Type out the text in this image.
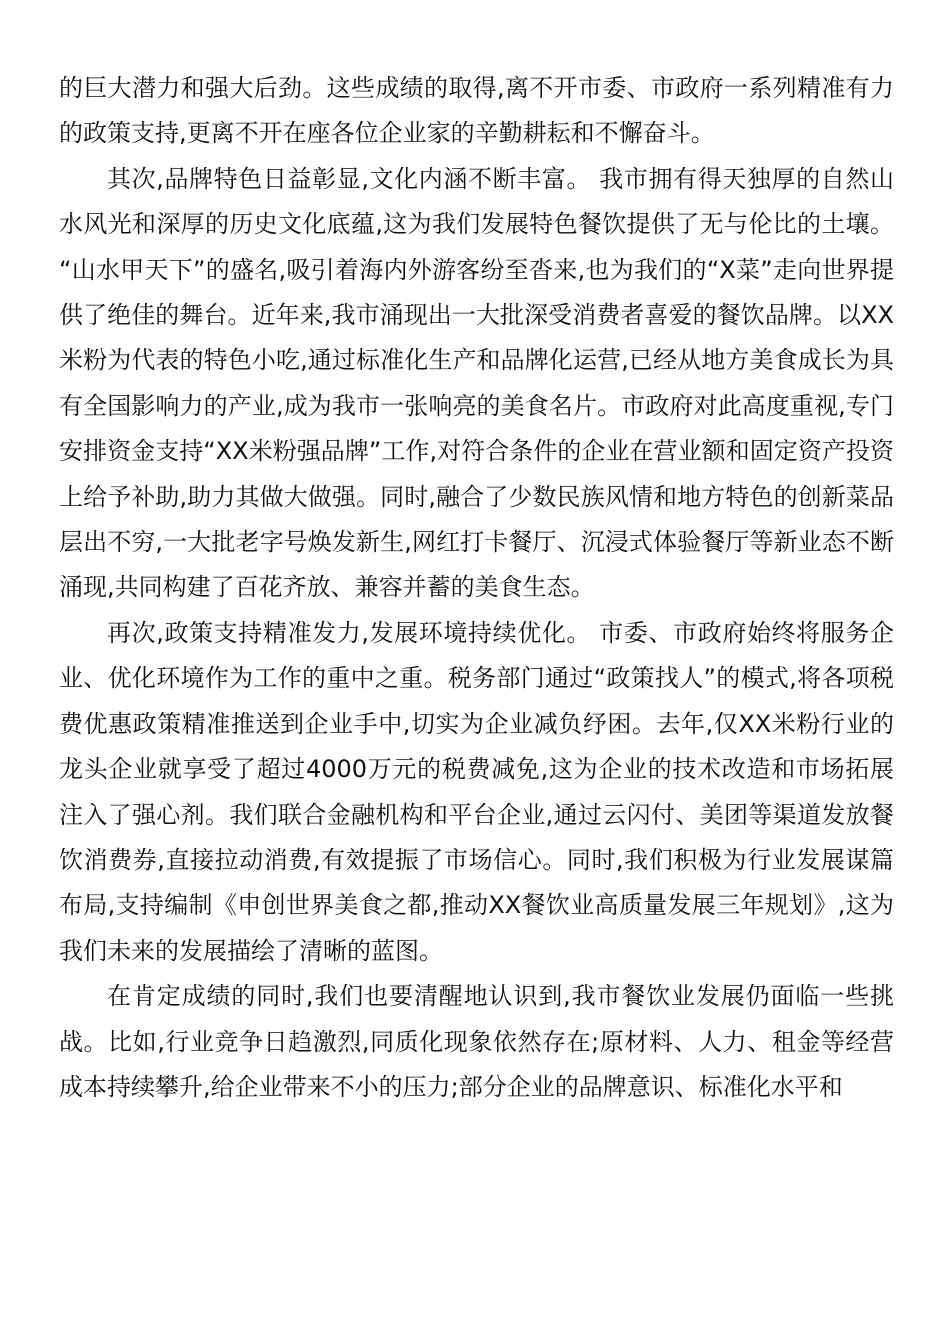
的巨大潜力和强大后劲。这些成绩的取得,离不开市委、市政府一系列精准有力的政策支持,更离不开在座各位企业家的辛勤耕耘和不懈奋斗。

其次,品牌特色日益彰显,文化内涵不断丰富。 我市拥有得天独厚的自然山水风光和深厚的历史文化底蕴,这为我们发展特色餐饮提供了无与伦比的土壤。 “山水甲天下”的盛名,吸引着海内外游客纷至沓来,也为我们的“X菜”走向世界提供了绝佳的舞台。近年来,我市涌现出一大批深受消费者喜爱的餐饮品牌。以XX米粉为代表的特色小吃,通过标准化生产和品牌化运营,已经从地方美食成长为具有全国影响力的产业,成为我市一张响亮的美食名片。市政府对此高度重视,专门安排资金支持“XX米粉强品牌”工作,对符合条件的企业在营业额和固定资产投资上给予补助,助力其做大做强。同时,融合了少数民族风情和地方特色的创新菜品层出不穷,一大批老字号焕发新生,网红打卡餐厅、沉浸式体验餐厅等新业态不断涌现,共同构建了百花齐放、兼容并蓄的美食生态。

再次,政策支持精准发力,发展环境持续优化。 市委、市政府始终将服务企业、优化环境作为工作的重中之重。税务部门通过“政策找人”的模式,将各项税费优惠政策精准推送到企业手中,切实为企业减负纾困。去年,仅XX米粉行业的龙头企业就享受了超过4000万元的税费减免,这为企业的技术改造和市场拓展注入了强心剂。我们联合金融机构和平台企业,通过云闪付、美团等渠道发放餐饮消费券,直接拉动消费,有效提振了市场信心。同时,我们积极为行业发展谋篇布局,支持编制《申创世界美食之都,推动XX餐饮业高质量发展三年规划》,这为我们未来的发展描绘了清晰的蓝图。

在肯定成绩的同时,我们也要清醒地认识到,我市餐饮业发展仍面临一些挑战。比如,行业竞争日趋激烈,同质化现象依然存在;原材料、人力、租金等经营成本持续攀升,给企业带来不小的压力;部分企业的品牌意识、标准化水平和
